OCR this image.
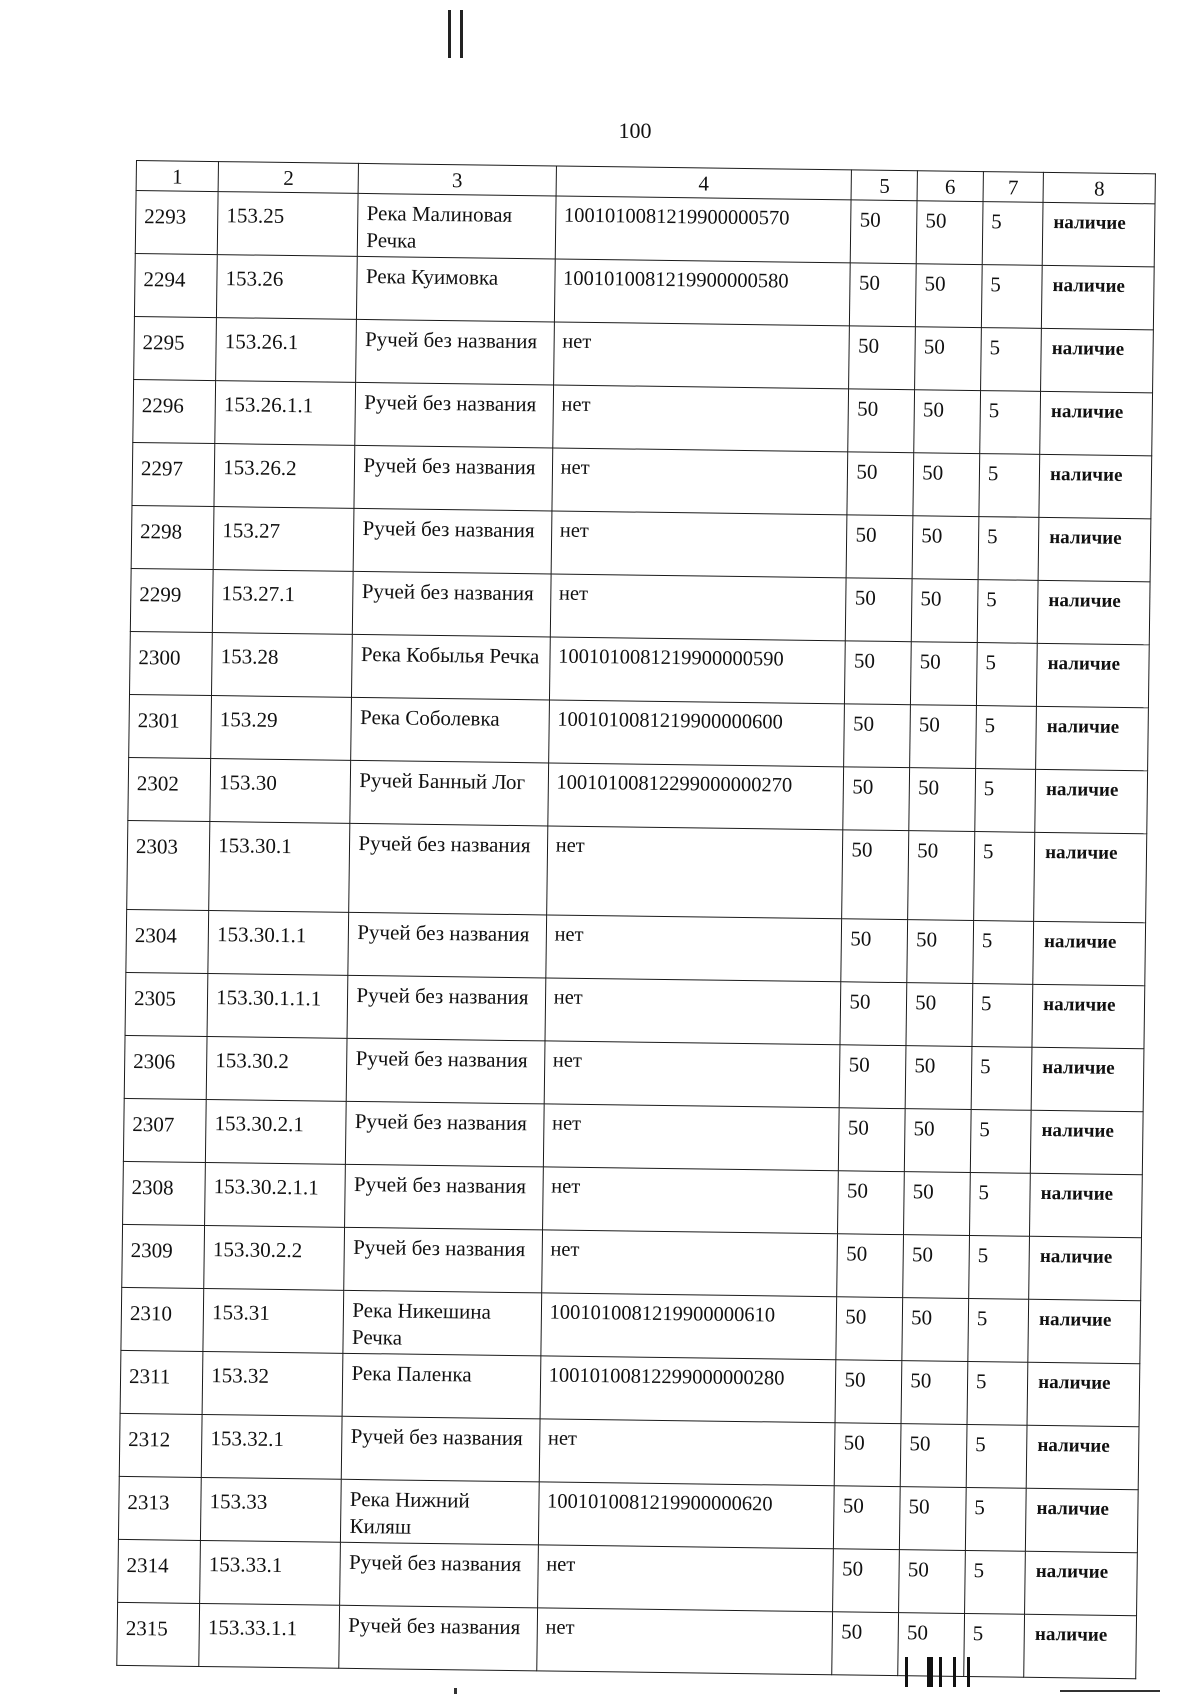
100
1	2	3	4	5	6	7	8
2293	153.25	Река Малиновая Речка	1001010081219900000570	50	50	5	наличие
2294	153.26	Река Куимовка	1001010081219900000580	50	50	5	наличие
2295	153.26.1	Ручей без названия	нет	50	50	5	наличие
2296	153.26.1.1	Ручей без названия	нет	50	50	5	наличие
2297	153.26.2	Ручей без названия	нет	50	50	5	наличие
2298	153.27	Ручей без названия	нет	50	50	5	наличие
2299	153.27.1	Ручей без названия	нет	50	50	5	наличие
2300	153.28	Река Кобылья Речка	1001010081219900000590	50	50	5	наличие
2301	153.29	Река Соболевка	1001010081219900000600	50	50	5	наличие
2302	153.30	Ручей Банный Лог	10010100812299000000270	50	50	5	наличие
2303	153.30.1	Ручей без названия	нет	50	50	5	наличие
2304	153.30.1.1	Ручей без названия	нет	50	50	5	наличие
2305	153.30.1.1.1	Ручей без названия	нет	50	50	5	наличие
2306	153.30.2	Ручей без названия	нет	50	50	5	наличие
2307	153.30.2.1	Ручей без названия	нет	50	50	5	наличие
2308	153.30.2.1.1	Ручей без названия	нет	50	50	5	наличие
2309	153.30.2.2	Ручей без названия	нет	50	50	5	наличие
2310	153.31	Река Никешина Речка	1001010081219900000610	50	50	5	наличие
2311	153.32	Река Паленка	10010100812299000000280	50	50	5	наличие
2312	153.32.1	Ручей без названия	нет	50	50	5	наличие
2313	153.33	Река Нижний Киляш	1001010081219900000620	50	50	5	наличие
2314	153.33.1	Ручей без названия	нет	50	50	5	наличие
2315	153.33.1.1	Ручей без названия	нет	50	50	5	наличие
